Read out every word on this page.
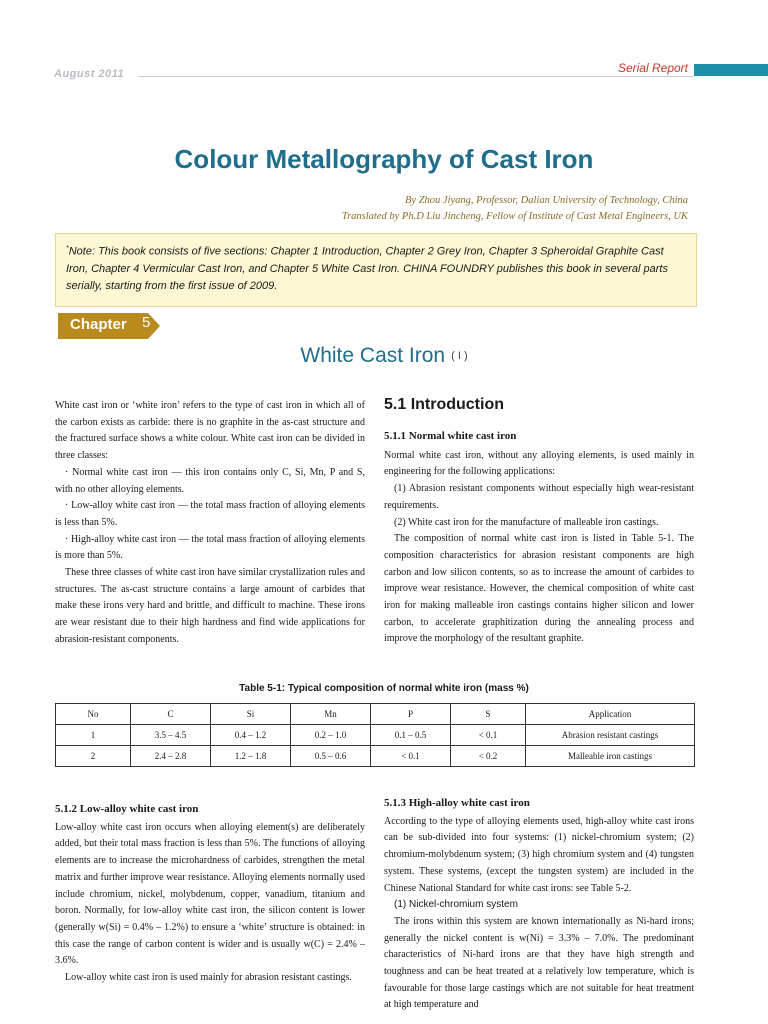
August 2011	Serial Report
Colour Metallography of Cast Iron
By Zhou Jiyang, Professor, Dalian University of Technology, China
Translated by Ph.D Liu Jincheng, Fellow of Institute of Cast Metal Engineers, UK
*Note: This book consists of five sections: Chapter 1 Introduction, Chapter 2 Grey Iron, Chapter 3 Spheroidal Graphite Cast Iron, Chapter 4 Vermicular Cast Iron, and Chapter 5 White Cast Iron. CHINA FOUNDRY publishes this book in several parts serially, starting from the first issue of 2009.
Chapter 5
White Cast Iron ( I )

White cast iron or ‘white iron’ refers to the type of cast iron in which all of the carbon exists as carbide: there is no graphite in the as-cast structure and the fractured surface shows a white colour. White cast iron can be divided in three classes:

· Normal white cast iron — this iron contains only C, Si, Mn, P and S, with no other alloying elements.

· Low-alloy white cast iron — the total mass fraction of alloying elements is less than 5%.

· High-alloy white cast iron — the total mass fraction of alloying elements is more than 5%.

These three classes of white cast iron have similar crystallization rules and structures. The as-cast structure contains a large amount of carbides that make these irons very hard and brittle, and difficult to machine. These irons are wear resistant due to their high hardness and find wide applications for abrasion-resistant components.

5.1 Introduction

5.1.1 Normal white cast iron

Normal white cast iron, without any alloying elements, is used mainly in engineering for the following applications:

(1) Abrasion resistant components without especially high wear-resistant requirements.

(2) White cast iron for the manufacture of malleable iron castings.

The composition of normal white cast iron is listed in Table 5-1. The composition characteristics for abrasion resistant components are high carbon and low silicon contents, so as to increase the amount of carbides to improve wear resistance. However, the chemical composition of white cast iron for making malleable iron castings contains higher silicon and lower carbon, to accelerate graphitization during the annealing process and improve the morphology of the resultant graphite.

Table 5-1: Typical composition of normal white iron (mass %)
No	C	Si	Mn	P	S	Application
1	3.5 – 4.5	0.4 – 1.2	0.2 – 1.0	0.1 – 0.5	< 0.1	Abrasion resistant castings
2	2.4 – 2.8	1.2 – 1.8	0.5 – 0.6	< 0.1	< 0.2	Malleable iron castings

5.1.2 Low-alloy white cast iron

Low-alloy white cast iron occurs when alloying element(s) are deliberately added, but their total mass fraction is less than 5%. The functions of alloying elements are to increase the microhardness of carbides, strengthen the metal matrix and further improve wear resistance. Alloying elements normally used include chromium, nickel, molybdenum, copper, vanadium, titanium and boron. Normally, for low-alloy white cast iron, the silicon content is lower (generally w(Si) = 0.4% – 1.2%) to ensure a ‘white’ structure is obtained: in this case the range of carbon content is wider and is usually w(C) = 2.4% – 3.6%.

Low-alloy white cast iron is used mainly for abrasion resistant castings.

5.1.3 High-alloy white cast iron

According to the type of alloying elements used, high-alloy white cast irons can be sub-divided into four systems: (1) nickel-chromium system; (2) chromium-molybdenum system; (3) high chromium system and (4) tungsten system. These systems, (except the tungsten system) are included in the Chinese National Standard for white cast irons: see Table 5-2.

(1) Nickel-chromium system

The irons within this system are known internationally as Ni-hard irons; generally the nickel content is w(Ni) = 3.3% – 7.0%. The predominant characteristics of Ni-hard irons are that they have high strength and toughness and can be heat treated at a relatively low temperature, which is favourable for those large castings which are not suitable for heat treatment at high temperature and
